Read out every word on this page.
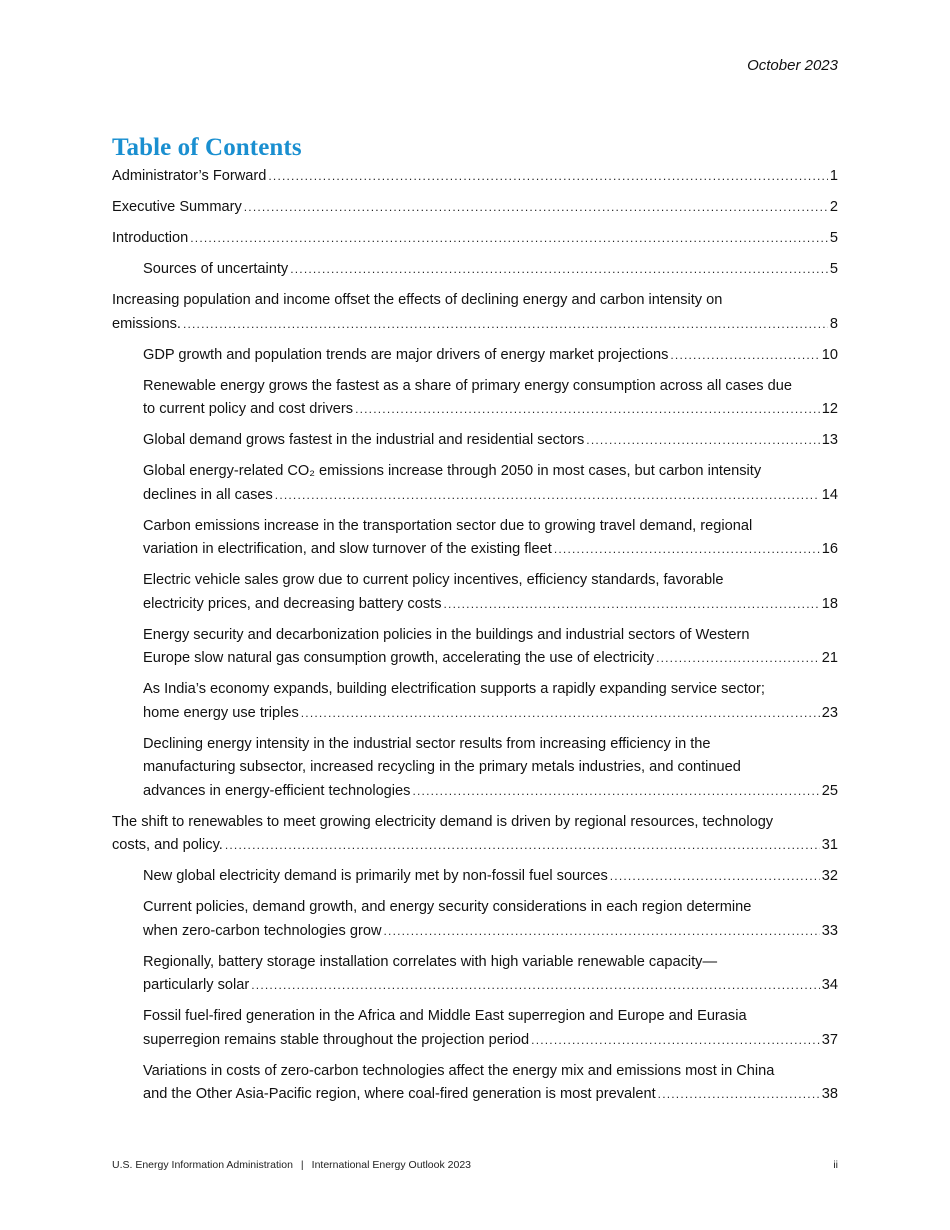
October 2023
Table of Contents
Administrator’s Forward .....	1
Executive Summary .....	2
Introduction .....	5
Sources of uncertainty .....	5
Increasing population and income offset the effects of declining energy and carbon intensity on
emissions. .....	8
GDP growth and population trends are major drivers of energy market projections .....	10
Renewable energy grows the fastest as a share of primary energy consumption across all cases due
to current policy and cost drivers .....	12
Global demand grows fastest in the industrial and residential sectors .....	13
Global energy-related CO₂ emissions increase through 2050 in most cases, but carbon intensity
declines in all cases .....	14
Carbon emissions increase in the transportation sector due to growing travel demand, regional
variation in electrification, and slow turnover of the existing fleet .....	16
Electric vehicle sales grow due to current policy incentives, efficiency standards, favorable
electricity prices, and decreasing battery costs .....	18
Energy security and decarbonization policies in the buildings and industrial sectors of Western
Europe slow natural gas consumption growth, accelerating the use of electricity .....	21
As India’s economy expands, building electrification supports a rapidly expanding service sector;
home energy use triples .....	23
Declining energy intensity in the industrial sector results from increasing efficiency in the
manufacturing subsector, increased recycling in the primary metals industries, and continued
advances in energy-efficient technologies .....	25
The shift to renewables to meet growing electricity demand is driven by regional resources, technology
costs, and policy. .....	31
New global electricity demand is primarily met by non-fossil fuel sources .....	32
Current policies, demand growth, and energy security considerations in each region determine
when zero-carbon technologies grow .....	33
Regionally, battery storage installation correlates with high variable renewable capacity—
particularly solar .....	34
Fossil fuel-fired generation in the Africa and Middle East superregion and Europe and Eurasia
superregion remains stable throughout the projection period .....	37
Variations in costs of zero-carbon technologies affect the energy mix and emissions most in China
and the Other Asia-Pacific region, where coal-fired generation is most prevalent .....	38
U.S. Energy Information Administration | International Energy Outlook 2023	ii
